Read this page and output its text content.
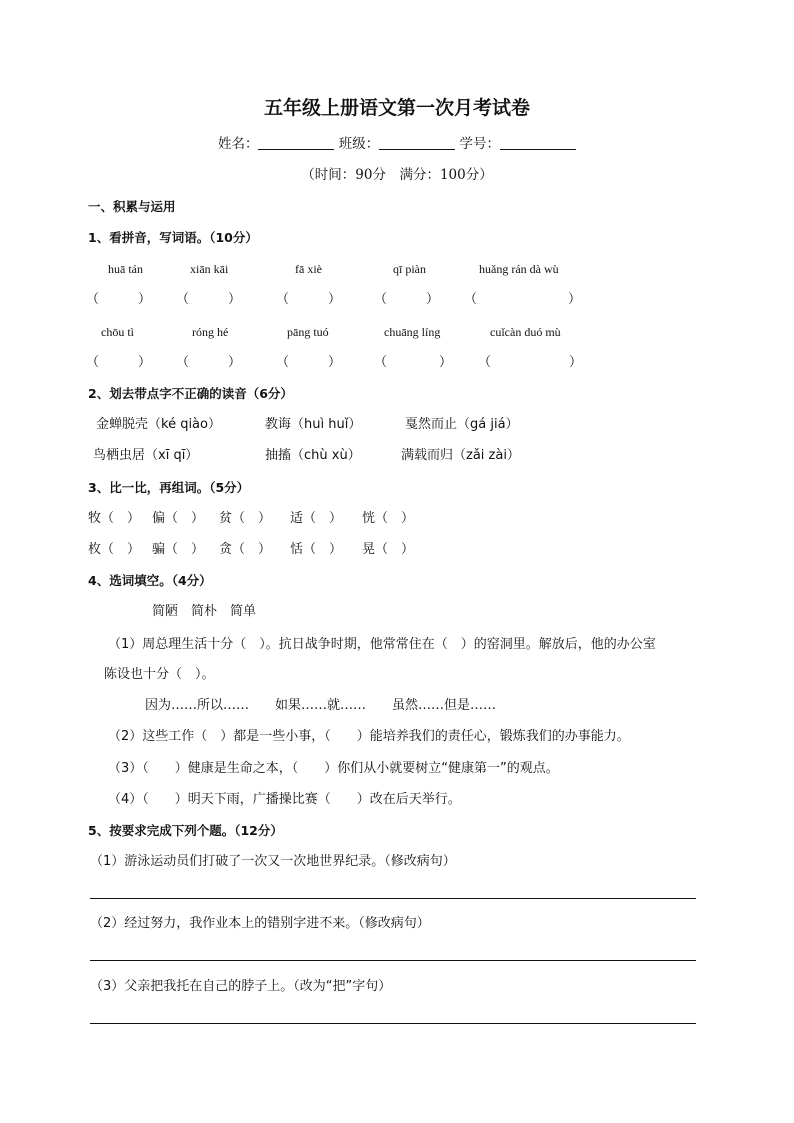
五年级上册语文第一次月考试卷
姓名：	班级：	学号：
（时间：90分　满分：100分）
一、积累与运用
1、看拼音，写词语。（10分）
huā tán	xiān kāi	fā xiè	qī piàn	huǎng rán dà wù
（　　　） （　　　）	（　　　）	（　　　） （　　　　　　　）
chōu tì	róng hé	pāng tuó	chuāng líng	cuǐcàn duó mù
（　　　） （　　　）	（　　　）	（　　　　） （　　　　　　）
2、划去带点字不正确的读音（6分）
金蝉脱壳（ké qiào）	教诲（huì huǐ）	戛然而止（gá jiá）
鸟栖虫居（xī qī）	抽搐（chù xù）	满载而归（zǎi zài）
3、比一比，再组词。（5分）
牧（　） 偏（　） 贫（　） 适（　） 恍（　）
枚（　） 骗（　） 贪（　） 恬（　） 晃（　）
4、选词填空。（4分）
简陋　简朴　简单
（1）周总理生活十分（　）。抗日战争时期，他常常住在（　）的窑洞里。解放后，他的办公室
陈设也十分（　）。
因为……所以……　　如果……就……　　虽然……但是……
（2）这些工作（　）都是一些小事，（　　）能培养我们的责任心，锻炼我们的办事能力。
（3）（　　）健康是生命之本，（　　）你们从小就要树立“健康第一”的观点。
（4）（　　）明天下雨，广播操比赛（　　）改在后天举行。
5、按要求完成下列个题。（12分）
（1）游泳运动员们打破了一次又一次地世界纪录。（修改病句）
（2）经过努力，我作业本上的错别字进不来。（修改病句）
（3）父亲把我托在自己的脖子上。（改为“把”字句）
